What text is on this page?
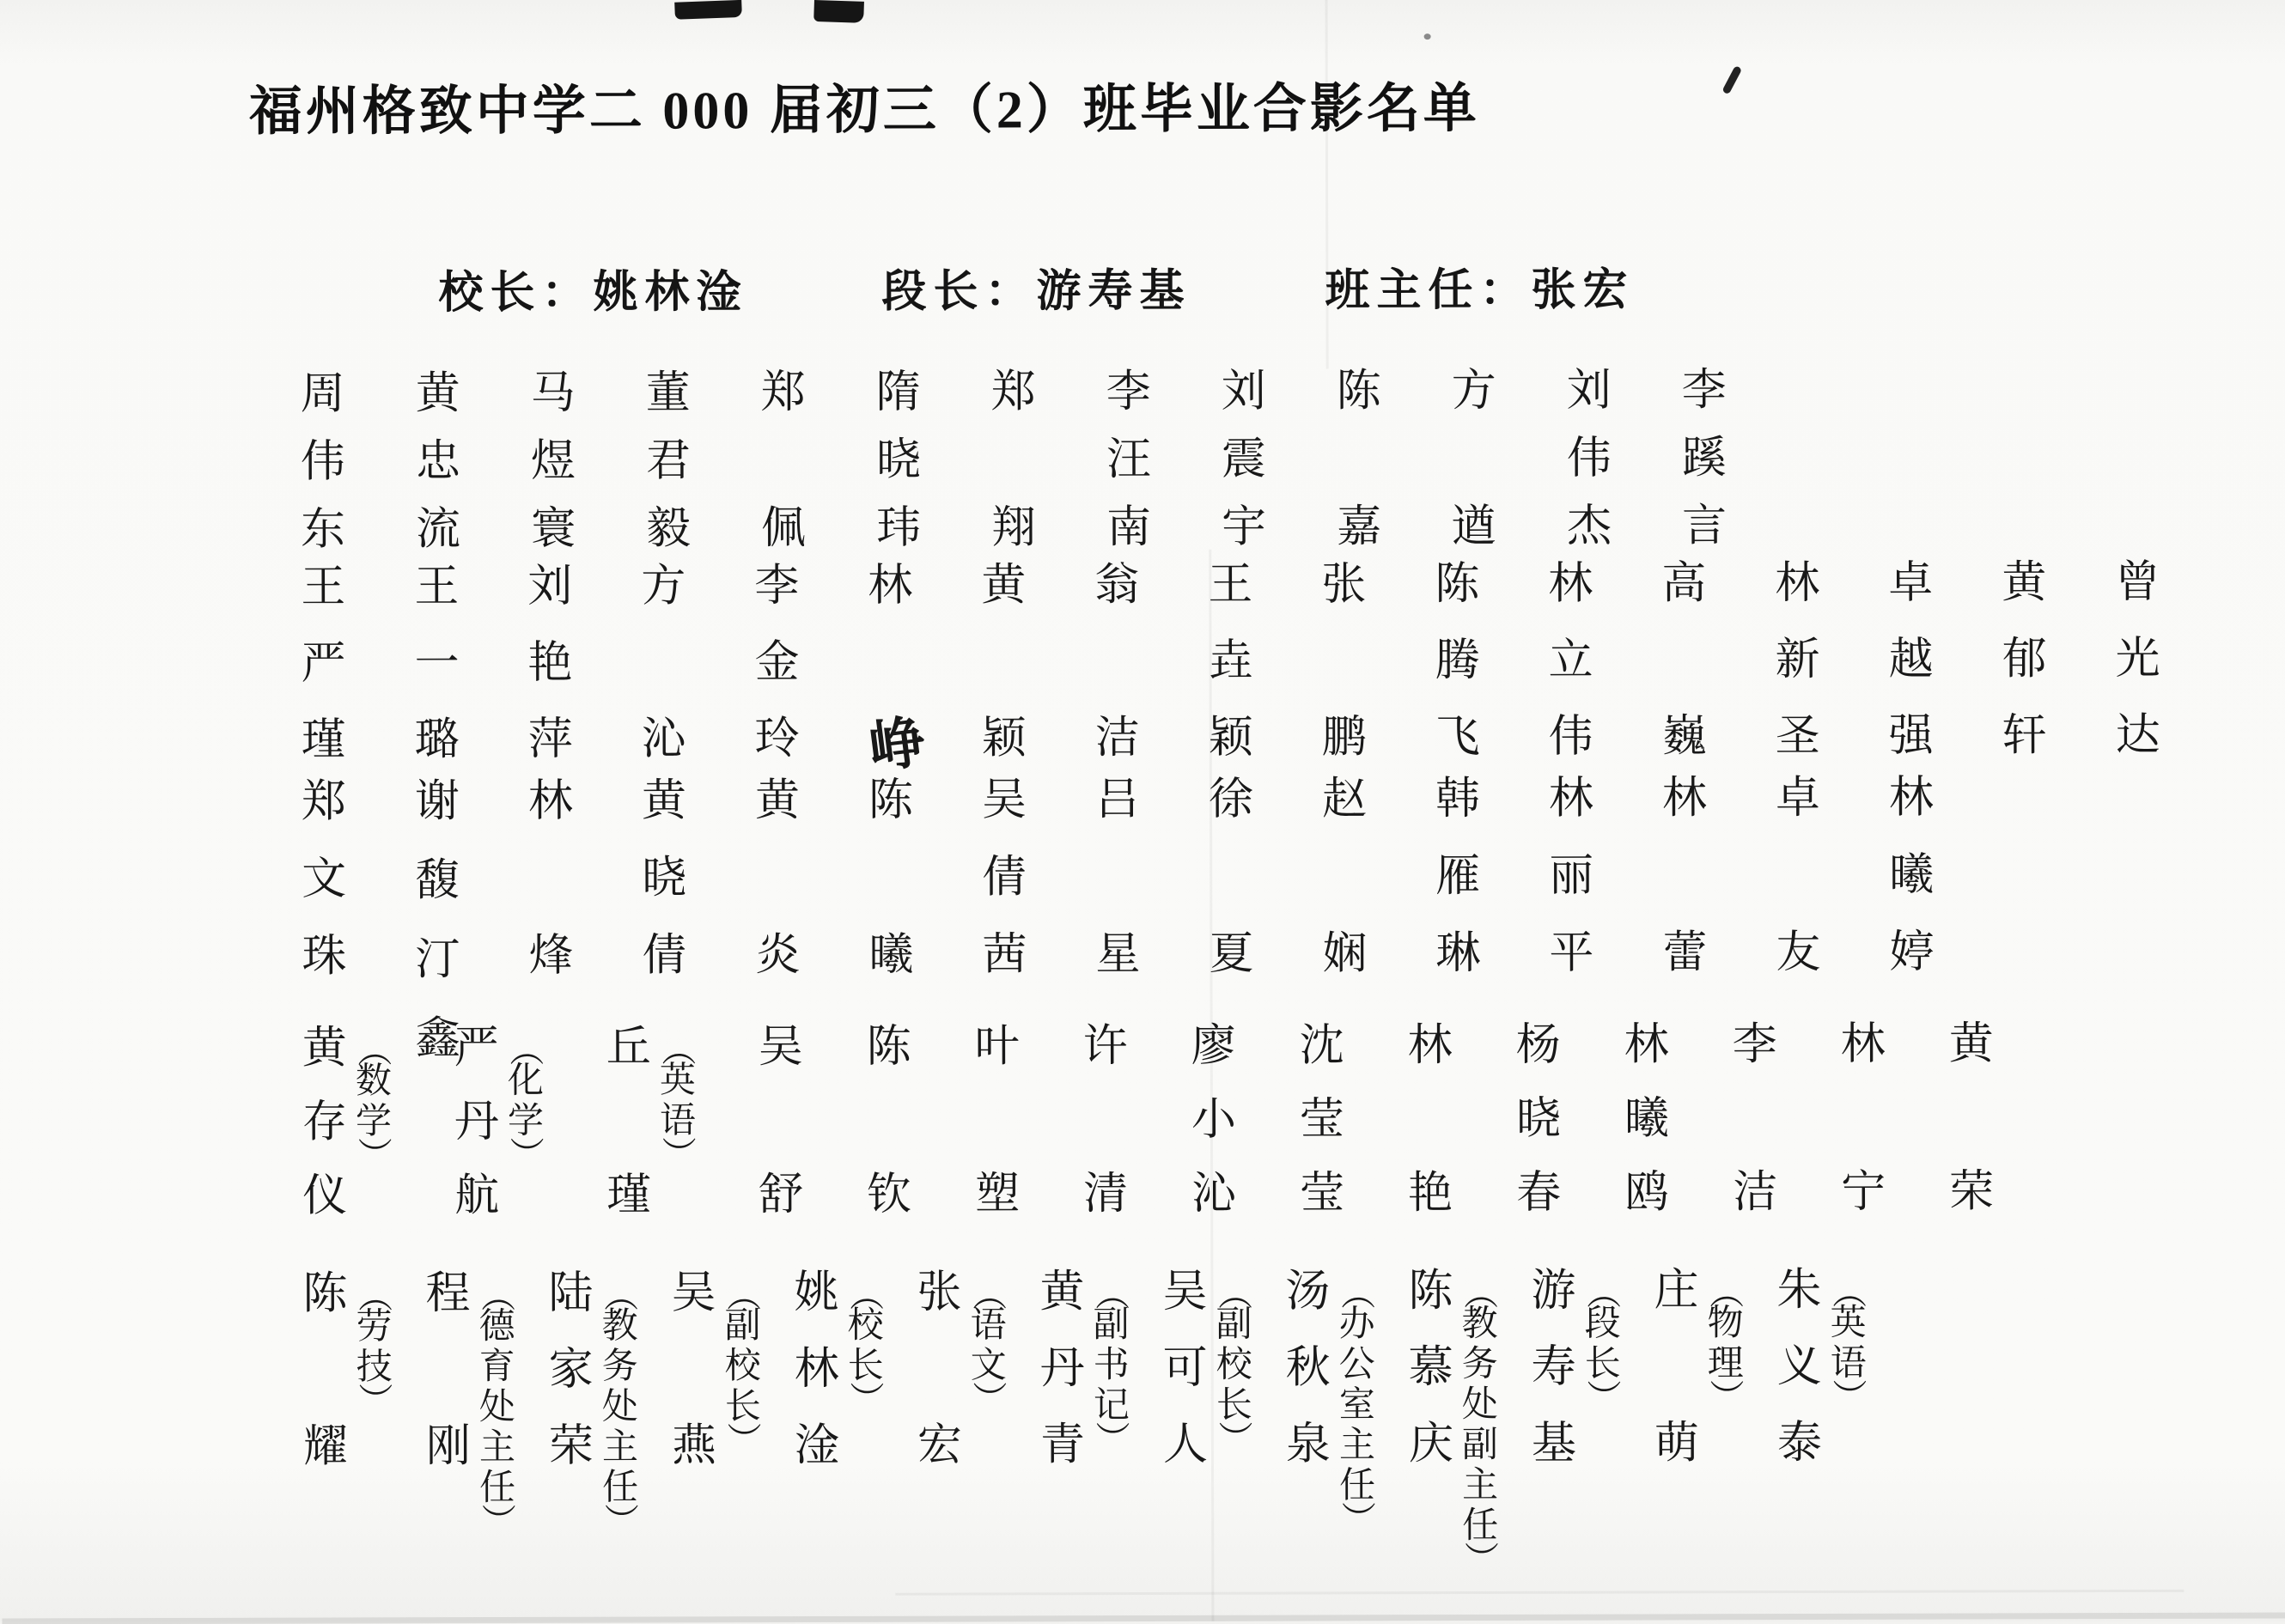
福州格致中学二 000 届初三（2）班毕业合影名单
校长：姚林淦	段长：游寿基	班主任：张宏
周
伟
东
黄
忠
流
马
煜
寰
董
君
毅
郑
佩
隋
晓
玮
郑
翔
李
汪
南
刘
震
宇
陈
嘉
方
遒
刘
伟
杰
李
蹊
言
王
严
瑾
王
一
璐
刘
艳
萍
方
沁
李
金
玲
林
峥
黄
颖
翁
洁
王
垚
颖
张
鹏
陈
腾
飞
林
立
伟
高
巍
林
新
圣
卓
越
强
黄
郁
轩
曾
光
达
郑
文
珠
谢
馥
汀
鑫
林
烽
黄
晓
倩
黄
炎
陈
曦
吴
倩
茜
吕
星
徐
夏
赵
娴
韩
雁
琳
林
丽
平
林
蕾
卓
友
林
曦
婷
黄
存
仪
（
数
学
）
严
丹
航
（
化
学
）
丘
瑾
（
英
语
）
吴
舒
陈
钦
叶
塑
许
清
廖
小
沁
沈
莹
莹
林
艳
杨
晓
春
林
曦
鸥
李
洁
林
宁
黄
荣
陈
耀
（
劳
技
）
程
刚
（
德
育
处
主
任
）
陆
家
荣
（
教
务
处
主
任
）
吴
燕
（
副
校
长
）
姚
林
淦
（
校
长
）
张
宏
（
语
文
）
黄
丹
青
（
副
书
记
）
吴
可
人
（
副
校
长
）
汤
秋
泉
（
办
公
室
主
任
）
陈
慕
庆
（
教
务
处
副
主
任
）
游
寿
基
（
段
长
）
庄
萌
（
物
理
）
朱
义
泰
（
英
语
）
